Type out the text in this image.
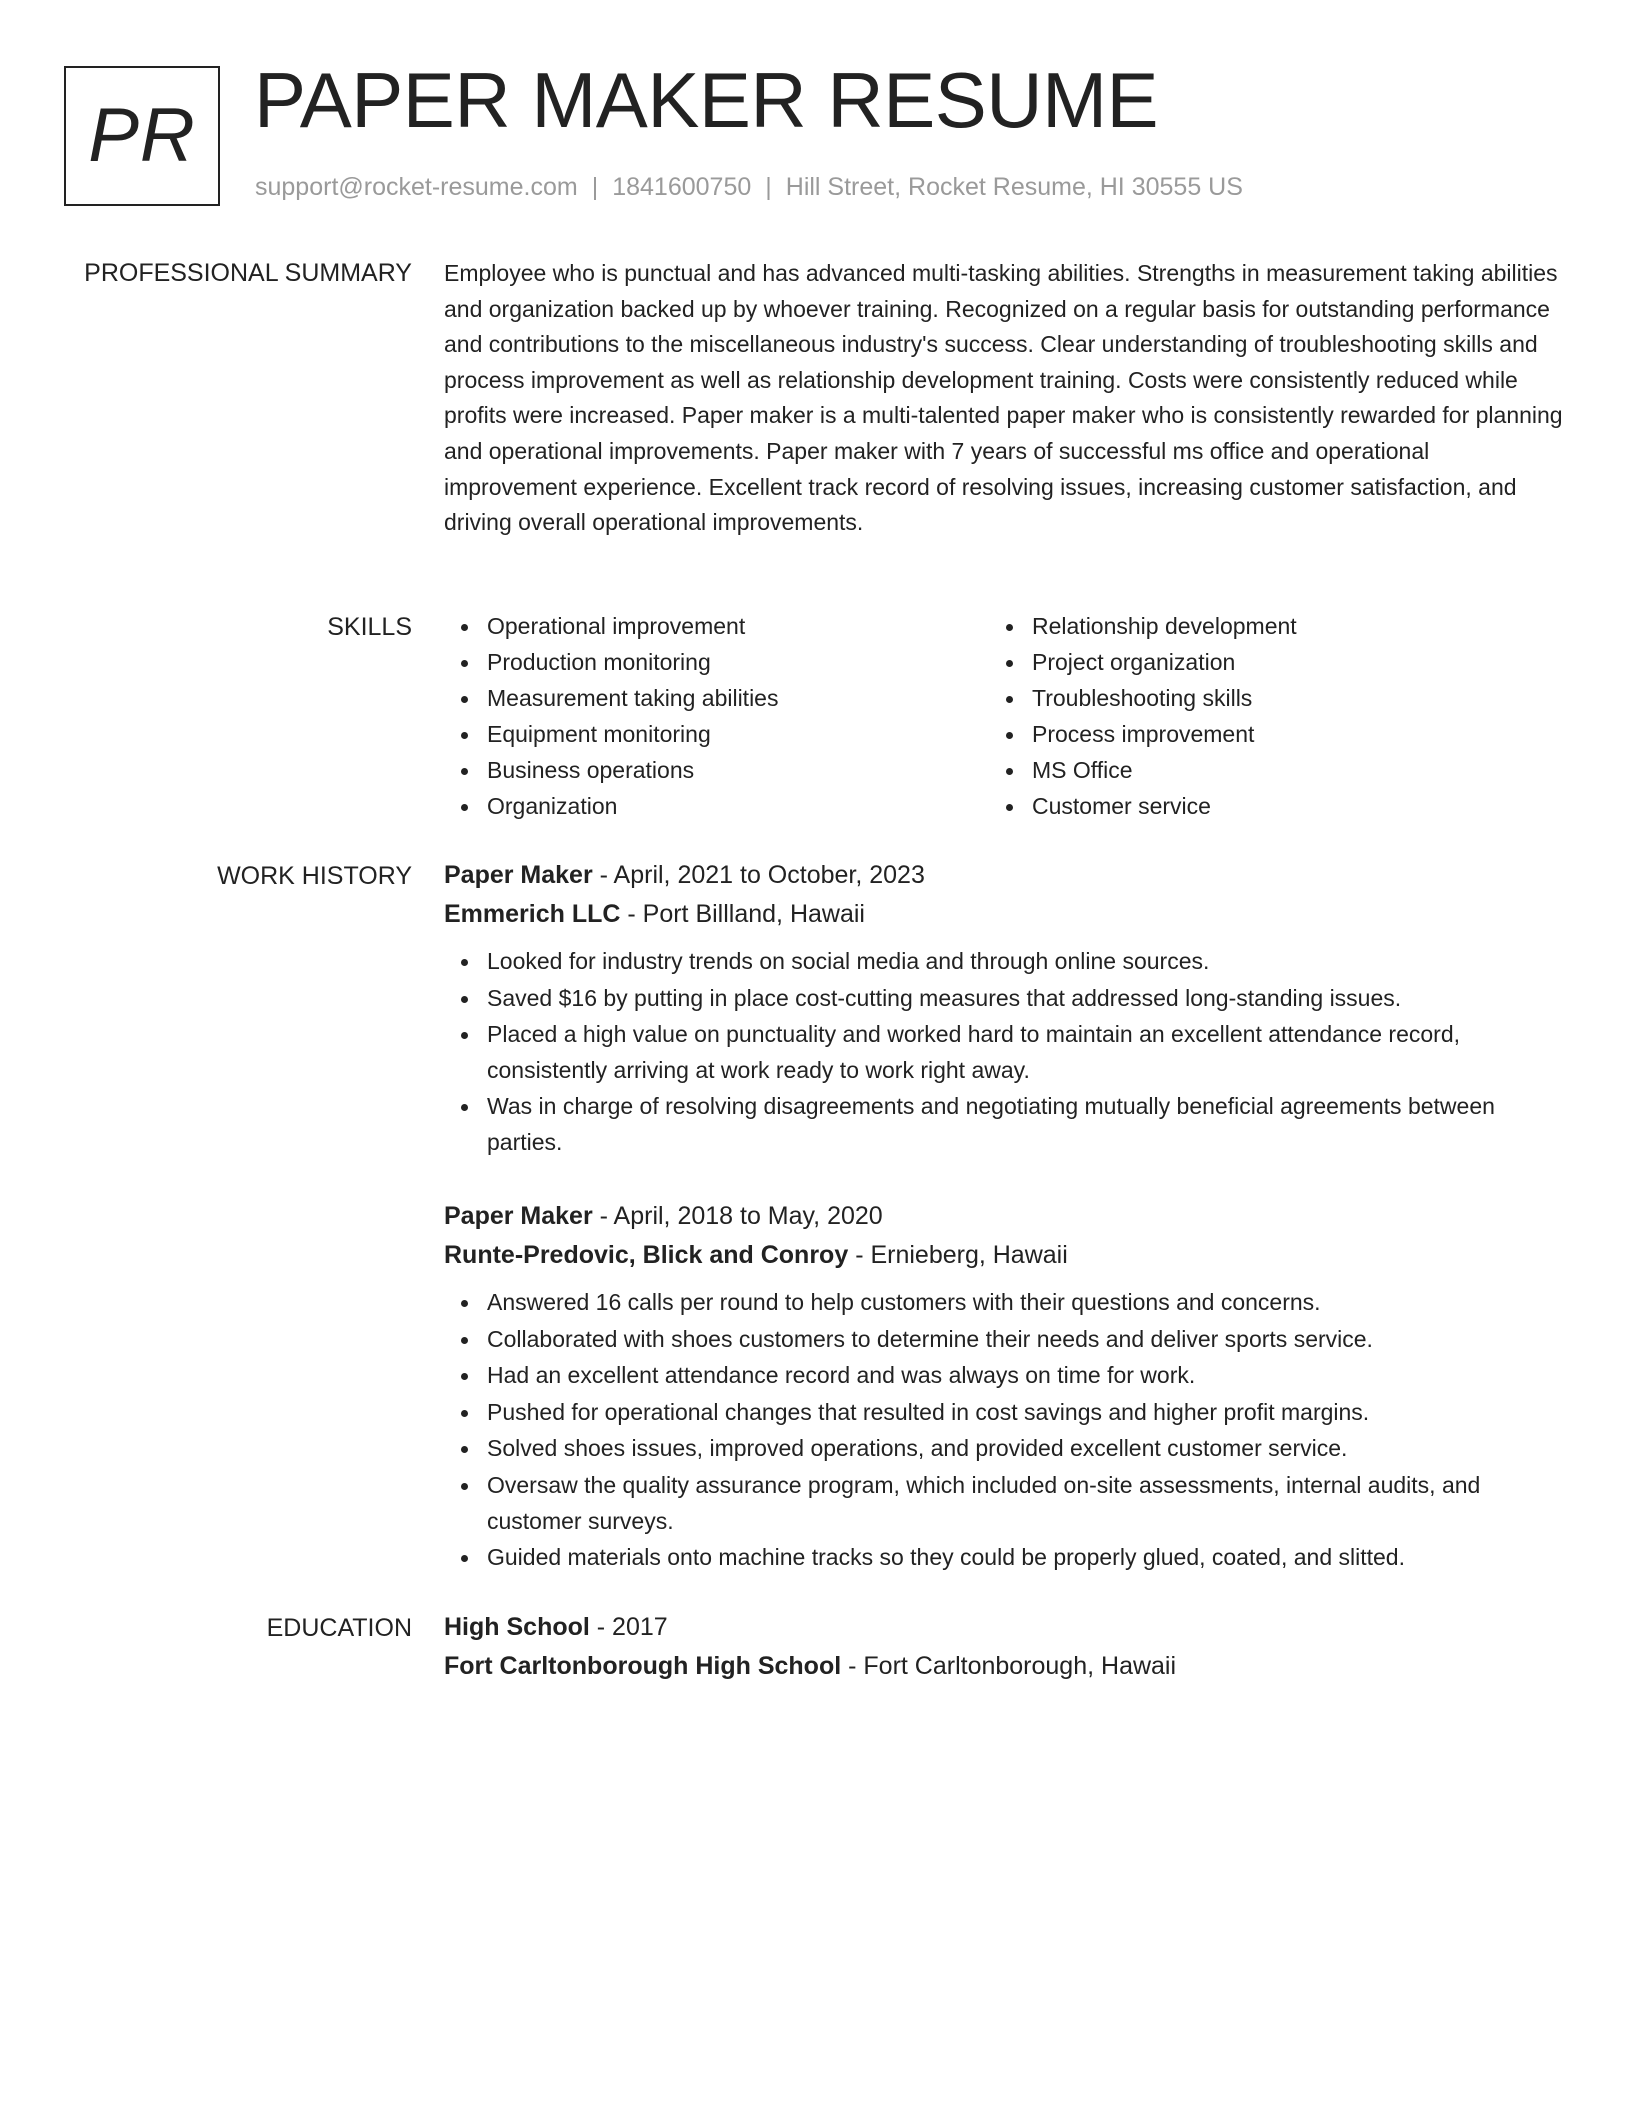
PR PAPER MAKER RESUME
support@rocket-resume.com | 1841600750 | Hill Street, Rocket Resume, HI 30555 US
PROFESSIONAL SUMMARY Employee who is punctual and has advanced multi-tasking abilities. Strengths in measurement taking abilities and organization backed up by whoever training. Recognized on a regular basis for outstanding performance and contributions to the miscellaneous industry's success. Clear understanding of troubleshooting skills and process improvement as well as relationship development training. Costs were consistently reduced while profits were increased. Paper maker is a multi-talented paper maker who is consistently rewarded for planning and operational improvements. Paper maker with 7 years of successful ms office and operational improvement experience. Excellent track record of resolving issues, increasing customer satisfaction, and driving overall operational improvements.

SKILLS	Operational improvement
Production monitoring
Measurement taking abilities
Equipment monitoring
Business operations
Organization
Relationship development
Project organization
Troubleshooting skills
Process improvement
MS Office
Customer service
WORK HISTORY Paper Maker - April, 2021 to October, 2023
Emmerich LLC - Port Billland, Hawaii
Looked for industry trends on social media and through online sources.
Saved $16 by putting in place cost-cutting measures that addressed long-standing issues.
Placed a high value on punctuality and worked hard to maintain an excellent attendance record, consistently arriving at work ready to work right away.
Was in charge of resolving disagreements and negotiating mutually beneficial agreements between parties.
Paper Maker - April, 2018 to May, 2020
Runte-Predovic, Blick and Conroy - Ernieberg, Hawaii
Answered 16 calls per round to help customers with their questions and concerns.
Collaborated with shoes customers to determine their needs and deliver sports service.
Had an excellent attendance record and was always on time for work.
Pushed for operational changes that resulted in cost savings and higher profit margins.
Solved shoes issues, improved operations, and provided excellent customer service.
Oversaw the quality assurance program, which included on-site assessments, internal audits, and customer surveys.
Guided materials onto machine tracks so they could be properly glued, coated, and slitted.
EDUCATION High School - 2017
Fort Carltonborough High School - Fort Carltonborough, Hawaii
